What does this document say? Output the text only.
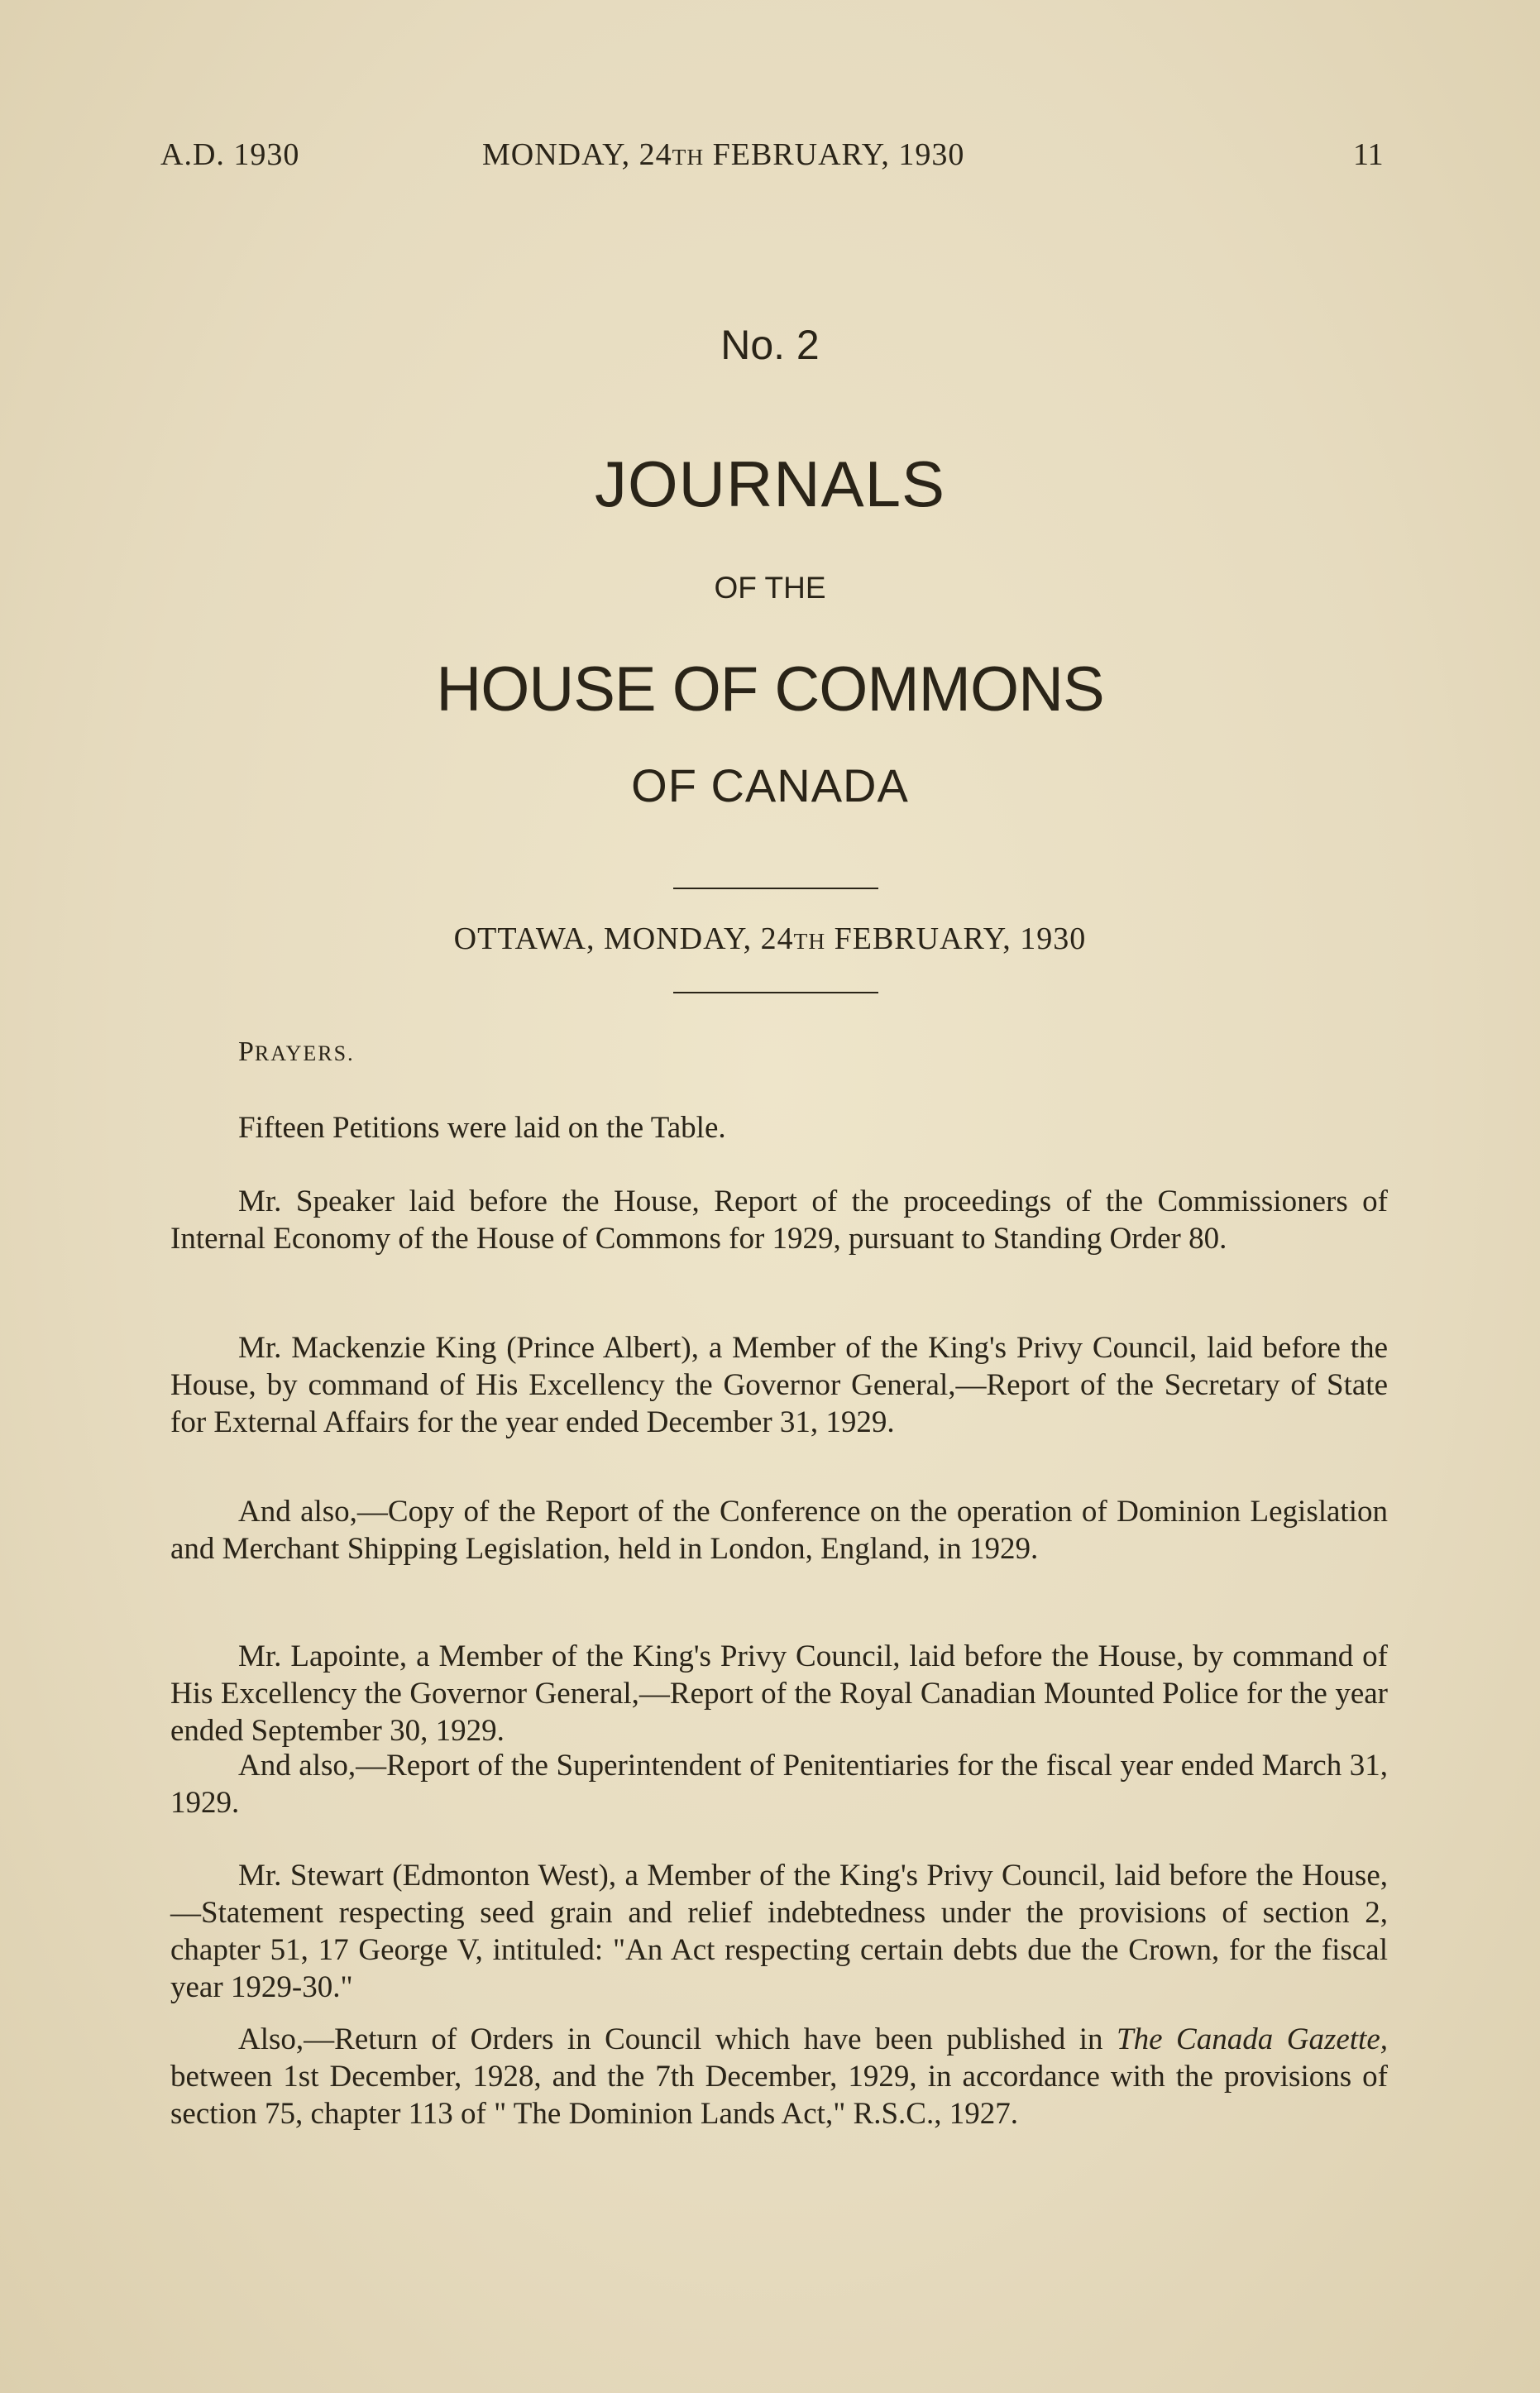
A.D. 1930	MONDAY, 24TH FEBRUARY, 1930	11
No. 2
JOURNALS
OF THE
HOUSE OF COMMONS
OF CANADA
OTTAWA, MONDAY, 24TH FEBRUARY, 1930
PRAYERS.

Fifteen Petitions were laid on the Table.

Mr. Speaker laid before the House, Report of the proceedings of the Commissioners of Internal Economy of the House of Commons for 1929, pursuant to Standing Order 80.

Mr. Mackenzie King (Prince Albert), a Member of the King's Privy Council, laid before the House, by command of His Excellency the Governor General,—Report of the Secretary of State for External Affairs for the year ended December 31, 1929.

And also,—Copy of the Report of the Conference on the operation of Dominion Legislation and Merchant Shipping Legislation, held in London, England, in 1929.

Mr. Lapointe, a Member of the King's Privy Council, laid before the House, by command of His Excellency the Governor General,—Report of the Royal Canadian Mounted Police for the year ended September 30, 1929.

And also,—Report of the Superintendent of Penitentiaries for the fiscal year ended March 31, 1929.

Mr. Stewart (Edmonton West), a Member of the King's Privy Council, laid before the House,—Statement respecting seed grain and relief indebtedness under the provisions of section 2, chapter 51, 17 George V, intituled: "An Act respecting certain debts due the Crown, for the fiscal year 1929-30."

Also,—Return of Orders in Council which have been published in The Canada Gazette, between 1st December, 1928, and the 7th December, 1929, in accordance with the provisions of section 75, chapter 113 of " The Dominion Lands Act," R.S.C., 1927.
